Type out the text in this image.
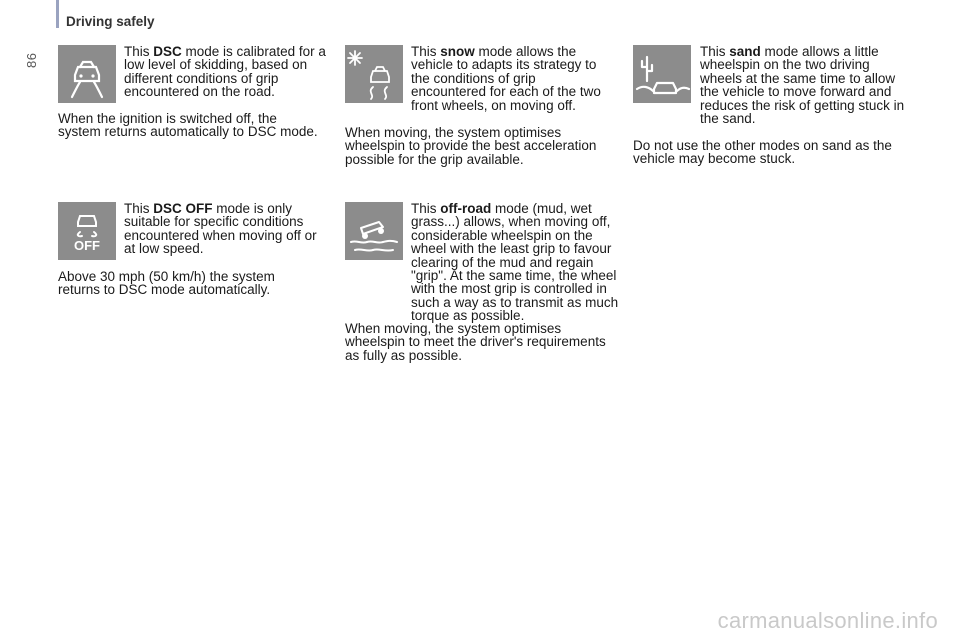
86
Driving safely
This DSC mode is calibrated for a low level of skidding, based on different conditions of grip encountered on the road.
When the ignition is switched off, the system returns automatically to DSC mode.
OFF
This DSC OFF mode is only suitable for specific conditions encountered when moving off or at low speed.
Above 30 mph (50 km/h) the system returns to DSC mode automatically.
This snow mode allows the vehicle to adapts its strategy to the conditions of grip encountered for each of the two front wheels, on moving off.
When moving, the system optimises wheelspin to provide the best acceleration possible for the grip available.
This off-road mode (mud, wet grass...) allows, when moving off, considerable wheelspin on the wheel with the least grip to favour clearing of the mud and regain "grip". At the same time, the wheel with the most grip is controlled in such a way as to transmit as much torque as possible.
When moving, the system optimises wheelspin to meet the driver's requirements as fully as possible.
This sand mode allows a little wheelspin on the two driving wheels at the same time to allow the vehicle to move forward and reduces the risk of getting stuck in the sand.
Do not use the other modes on sand as the vehicle may become stuck.
carmanualsonline.info
